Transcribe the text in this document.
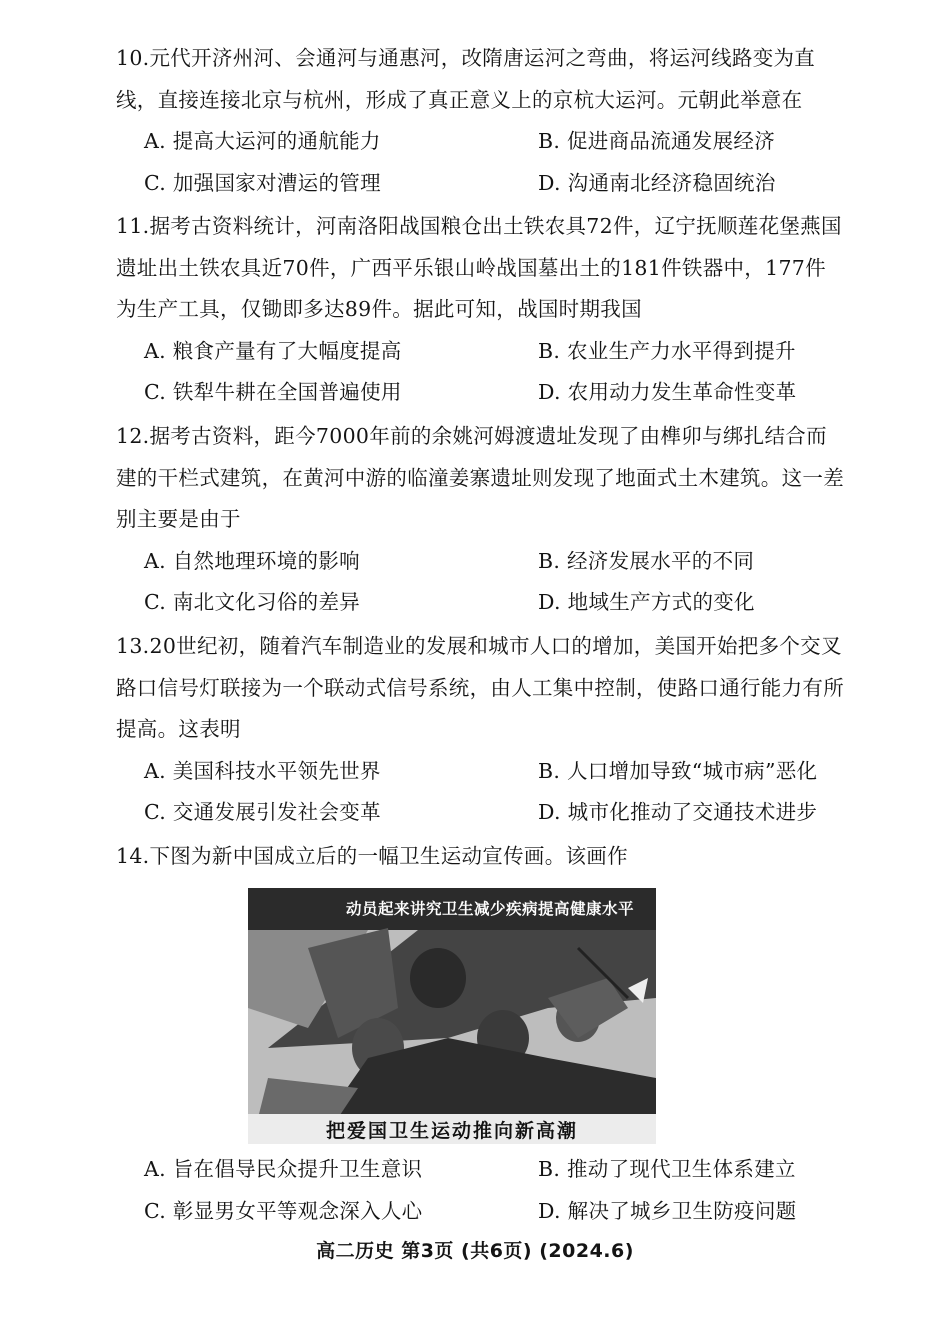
10.元代开济州河、会通河与通惠河，改隋唐运河之弯曲，将运河线路变为直线，直接连接北京与杭州，形成了真正意义上的京杭大运河。元朝此举意在
A. 提高大运河的通航能力	B. 促进商品流通发展经济
C. 加强国家对漕运的管理	D. 沟通南北经济稳固统治
11.据考古资料统计，河南洛阳战国粮仓出土铁农具72件，辽宁抚顺莲花堡燕国遗址出土铁农具近70件，广西平乐银山岭战国墓出土的181件铁器中，177件为生产工具，仅锄即多达89件。据此可知，战国时期我国
A. 粮食产量有了大幅度提高	B. 农业生产力水平得到提升
C. 铁犁牛耕在全国普遍使用	D. 农用动力发生革命性变革
12.据考古资料，距今7000年前的余姚河姆渡遗址发现了由榫卯与绑扎结合而建的干栏式建筑，在黄河中游的临潼姜寨遗址则发现了地面式土木建筑。这一差别主要是由于
A. 自然地理环境的影响	B. 经济发展水平的不同
C. 南北文化习俗的差异	D. 地域生产方式的变化
13.20世纪初，随着汽车制造业的发展和城市人口的增加，美国开始把多个交叉路口信号灯联接为一个联动式信号系统，由人工集中控制，使路口通行能力有所提高。这表明
A. 美国科技水平领先世界	B. 人口增加导致“城市病”恶化
C. 交通发展引发社会变革	D. 城市化推动了交通技术进步
14.下图为新中国成立后的一幅卫生运动宣传画。该画作
动员起来讲究卫生减少疾病提高健康水平
把爱国卫生运动推向新高潮
A. 旨在倡导民众提升卫生意识	B. 推动了现代卫生体系建立
C. 彰显男女平等观念深入人心	D. 解决了城乡卫生防疫问题
高二历史 第3页 (共6页) (2024.6)
